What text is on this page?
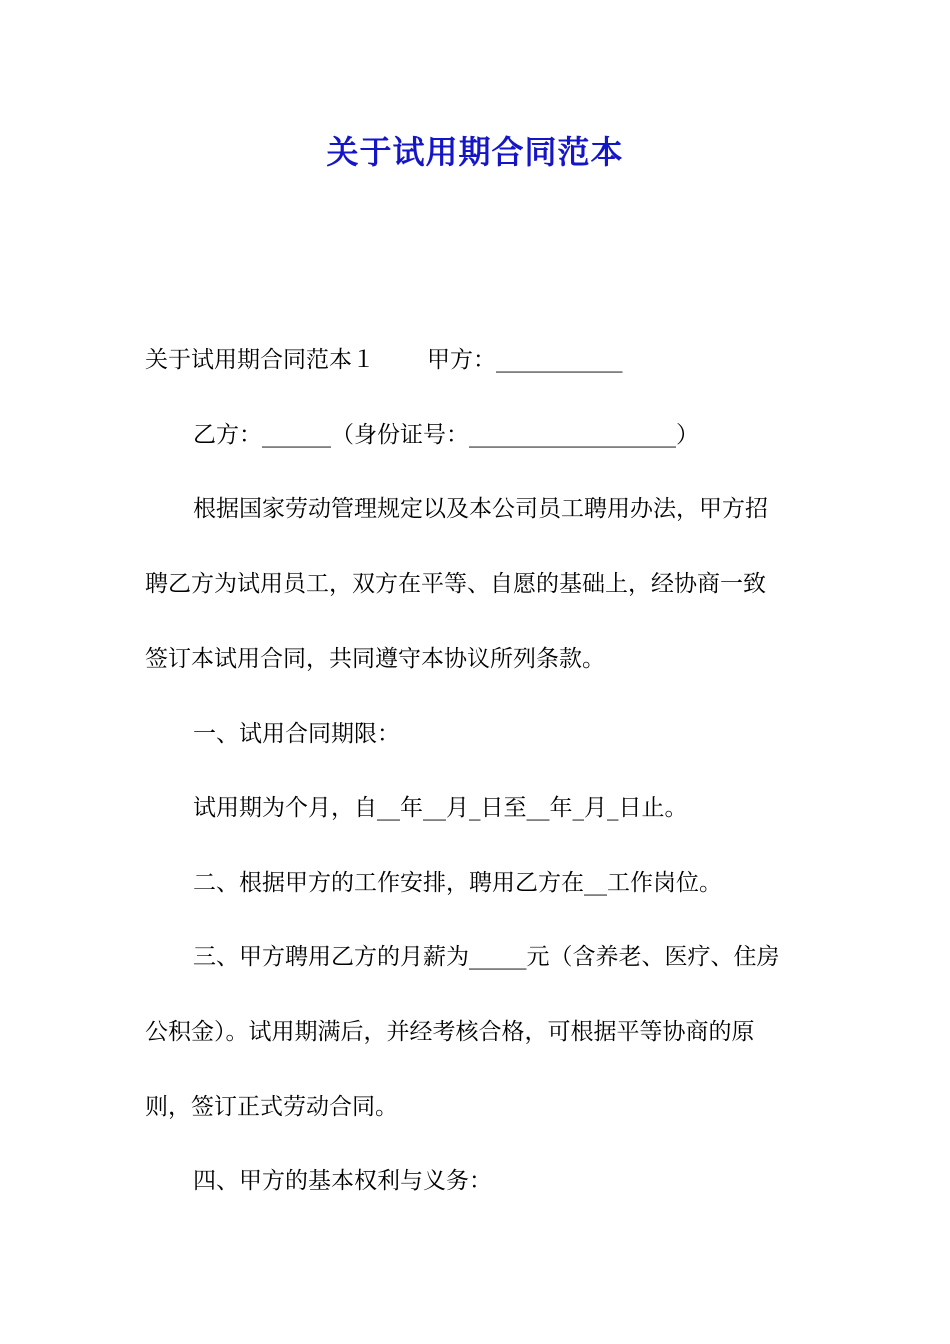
关于试用期合同范本
关于试用期合同范本１ 甲方：___________
乙方：______（身份证号：__________________）
根据国家劳动管理规定以及本公司员工聘用办法，甲方招
聘乙方为试用员工，双方在平等、自愿的基础上，经协商一致
签订本试用合同，共同遵守本协议所列条款。
一、试用合同期限：
试用期为个月，自__年__月_日至__年_月_日止。
二、根据甲方的工作安排，聘用乙方在__工作岗位。
三、甲方聘用乙方的月薪为_____元（含养老、医疗、住房
公积金）。试用期满后，并经考核合格，可根据平等协商的原
则，签订正式劳动合同。
四、甲方的基本权利与义务：
